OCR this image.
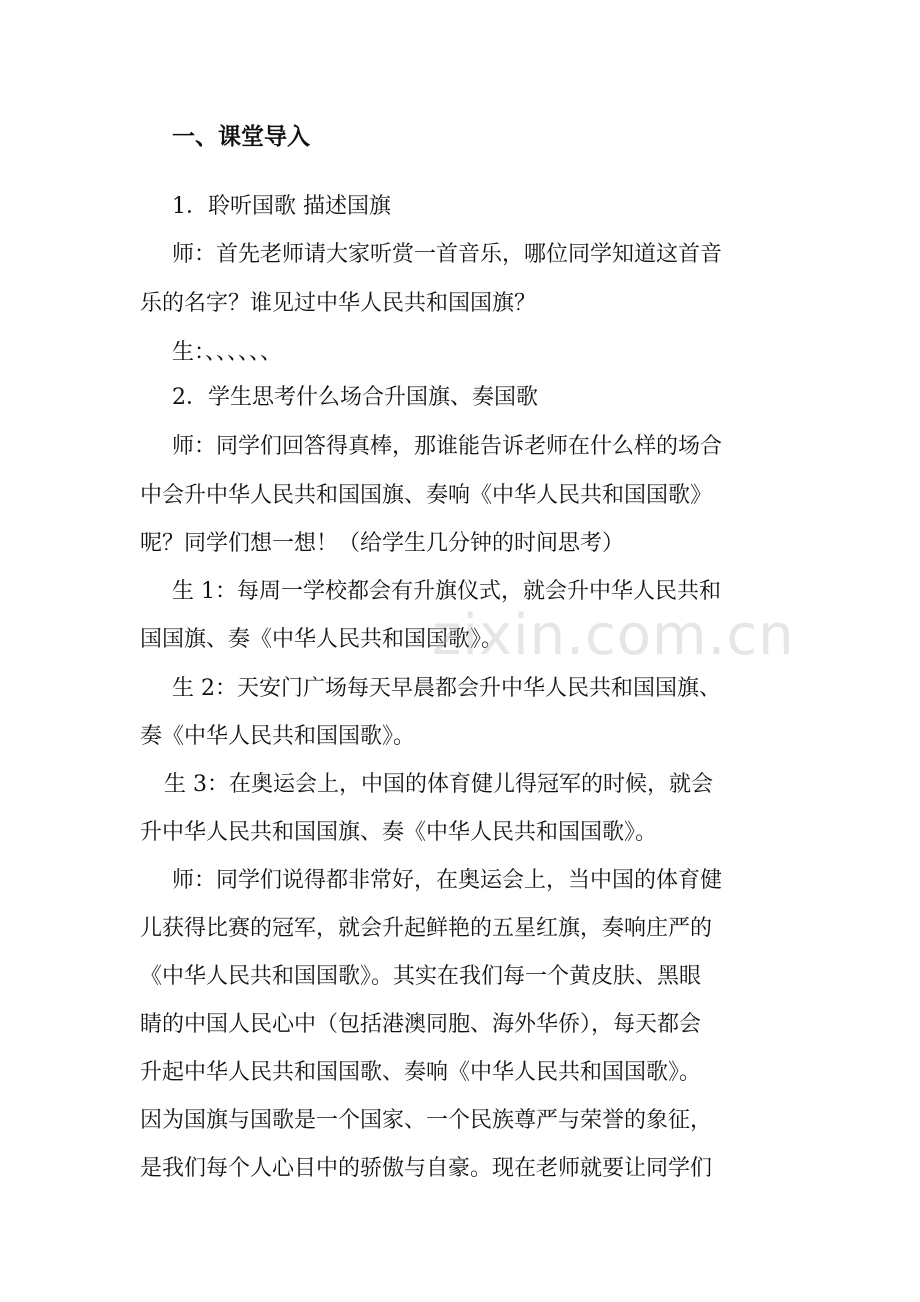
一、课堂导入
1．聆听国歌 描述国旗
师：首先老师请大家听赏一首音乐，哪位同学知道这首音
乐的名字？谁见过中华人民共和国国旗？
生：、、、、、、
2．学生思考什么场合升国旗、奏国歌
师：同学们回答得真棒，那谁能告诉老师在什么样的场合
中会升中华人民共和国国旗、奏响《中华人民共和国国歌》
呢？同学们想一想！（给学生几分钟的时间思考）
生 1：每周一学校都会有升旗仪式，就会升中华人民共和
国国旗、奏《中华人民共和国国歌》。
生 2：天安门广场每天早晨都会升中华人民共和国国旗、
奏《中华人民共和国国歌》。
生 3：在奥运会上，中国的体育健儿得冠军的时候，就会
升中华人民共和国国旗、奏《中华人民共和国国歌》。
师：同学们说得都非常好，在奥运会上，当中国的体育健
儿获得比赛的冠军，就会升起鲜艳的五星红旗，奏响庄严的
《中华人民共和国国歌》。其实在我们每一个黄皮肤、黑眼
睛的中国人民心中（包括港澳同胞、海外华侨），每天都会
升起中华人民共和国国歌、奏响《中华人民共和国国歌》。
因为国旗与国歌是一个国家、一个民族尊严与荣誉的象征，
是我们每个人心目中的骄傲与自豪。现在老师就要让同学们
zixin.com.cn
